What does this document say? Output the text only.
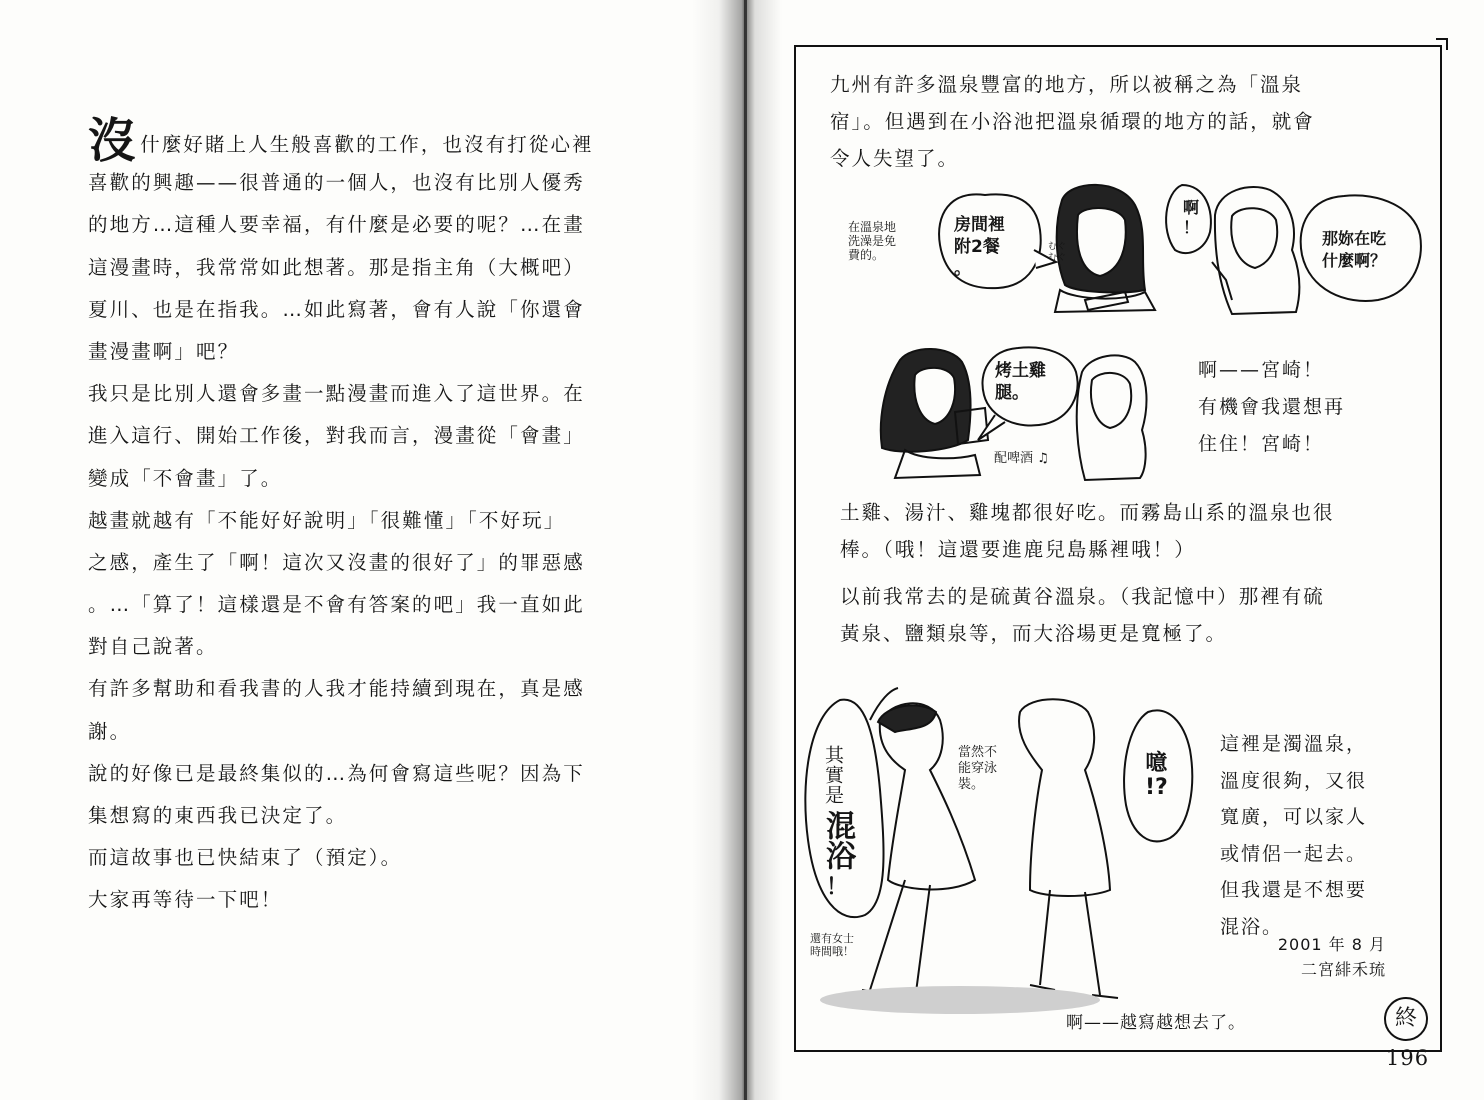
沒什麼好賭上人生般喜歡的工作，也沒有打從心裡
喜歡的興趣——很普通的一個人，也沒有比別人優秀
的地方…這種人要幸福，有什麼是必要的呢？…在畫
這漫畫時，我常常如此想著。那是指主角（大概吧）
夏川、也是在指我。…如此寫著，會有人說「你還會
畫漫畫啊」吧？
我只是比別人還會多畫一點漫畫而進入了這世界。在
進入這行、開始工作後，對我而言，漫畫從「會畫」
變成「不會畫」了。
越畫就越有「不能好好說明」「很難懂」「不好玩」
之感，產生了「啊！這次又沒畫的很好了」的罪惡感
。…「算了！這樣還是不會有答案的吧」我一直如此
對自己說著。
有許多幫助和看我書的人我才能持續到現在，真是感
謝。
說的好像已是最終集似的…為何會寫這些呢？因為下
集想寫的東西我已決定了。
而這故事也已快結束了（預定）。
大家再等待一下吧！
2001 年 8 月
二宮緋禾琉
九州有許多溫泉豐富的地方，所以被稱之為「溫泉
宿」。但遇到在小浴池把溫泉循環的地方的話，就會
令人失望了。
在溫泉地
洗澡是免
費的。
房間裡
附2餐
。
むぐ
むぐ
啊
！
那妳在吃
什麼啊？
烤土雞
腿。
配啤酒 ♫
啊——宮崎！
有機會我還想再
住住！宮崎！
土雞、湯汁、雞塊都很好吃。而霧島山系的溫泉也很
棒。（哦！這還要進鹿兒島縣裡哦！）
以前我常去的是硫黃谷溫泉。（我記憶中）那裡有硫
黃泉、鹽類泉等，而大浴場更是寬極了。
其實是
混浴
！
當然不
能穿泳
裝。
噫
!?
還有女士
時間哦！
這裡是濁溫泉，
溫度很夠，又很
寬廣，可以家人
或情侶一起去。
但我還是不想要
混浴。
啊——越寫越想去了。	終
196
